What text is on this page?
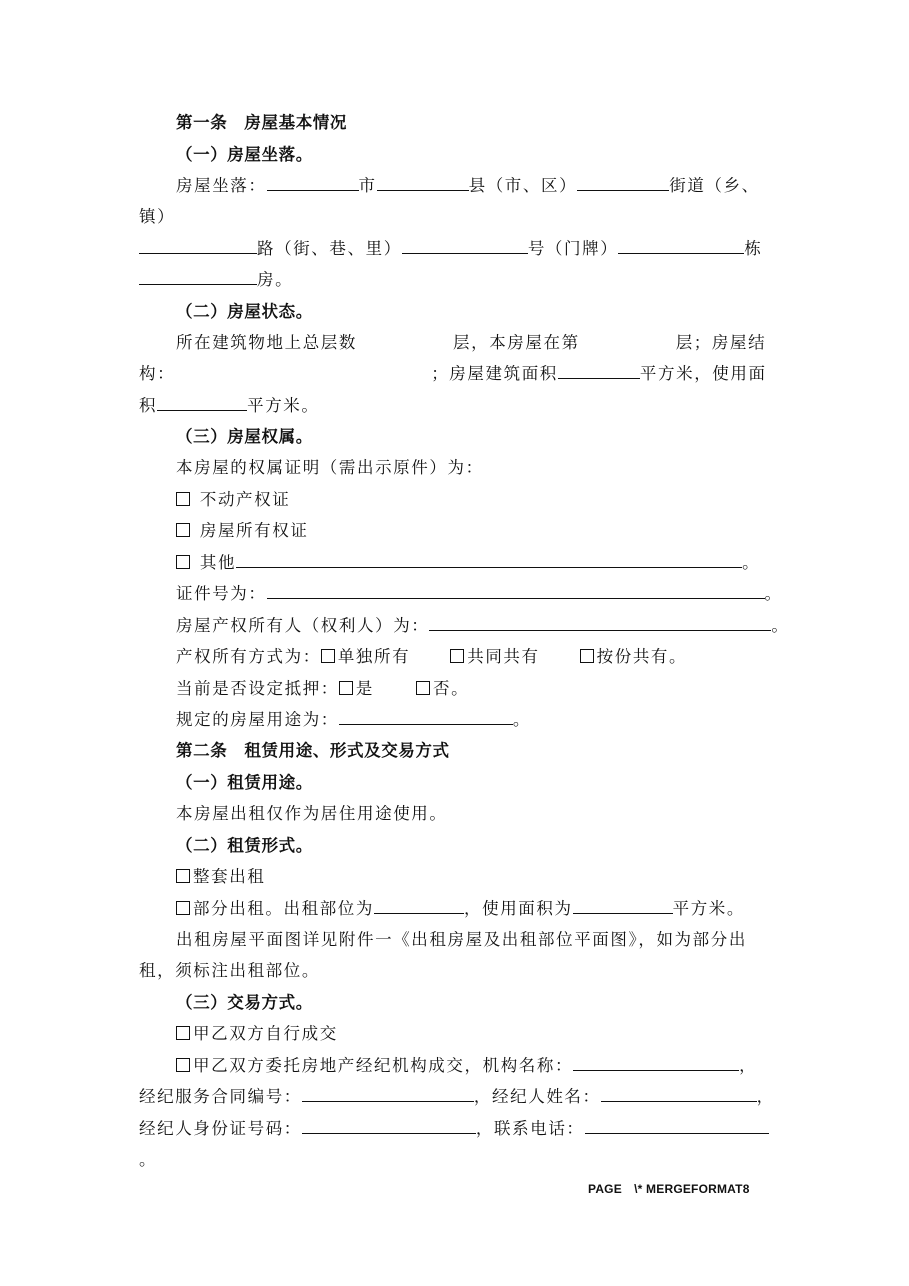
第一条　房屋基本情况
（一）房屋坐落。
房屋坐落：	市	县（市、区）	街道（乡、
镇）
路（街、巷、里）	号（门牌）	栋
房。
（二）房屋状态。
所在建筑物地上总层数	层，本房屋在第	层；房屋结
构：	；房屋建筑面积	平方米，使用面
积	平方米。
（三）房屋权属。
本房屋的权属证明（需出示原件）为：
不动产权证
房屋所有权证
其他	。
证件号为：	。
房屋产权所有人（权利人）为：	。
产权所有方式为： 单独所有	共同共有	按份共有。
当前是否设定抵押： 是	否。
规定的房屋用途为：	。
第二条　租赁用途、形式及交易方式
（一）租赁用途。
本房屋出租仅作为居住用途使用。
（二）租赁形式。
整套出租
部分出租。出租部位为	，使用面积为	平方米。
出租房屋平面图详见附件一《出租房屋及出租部位平面图》，如为部分出
租，须标注出租部位。
（三）交易方式。
甲乙双方自行成交
甲乙双方委托房地产经纪机构成交，机构名称：	，
经纪服务合同编号：	，经纪人姓名：	，
经纪人身份证号码：	，联系电话：
。
PAGE　\* MERGEFORMAT8
